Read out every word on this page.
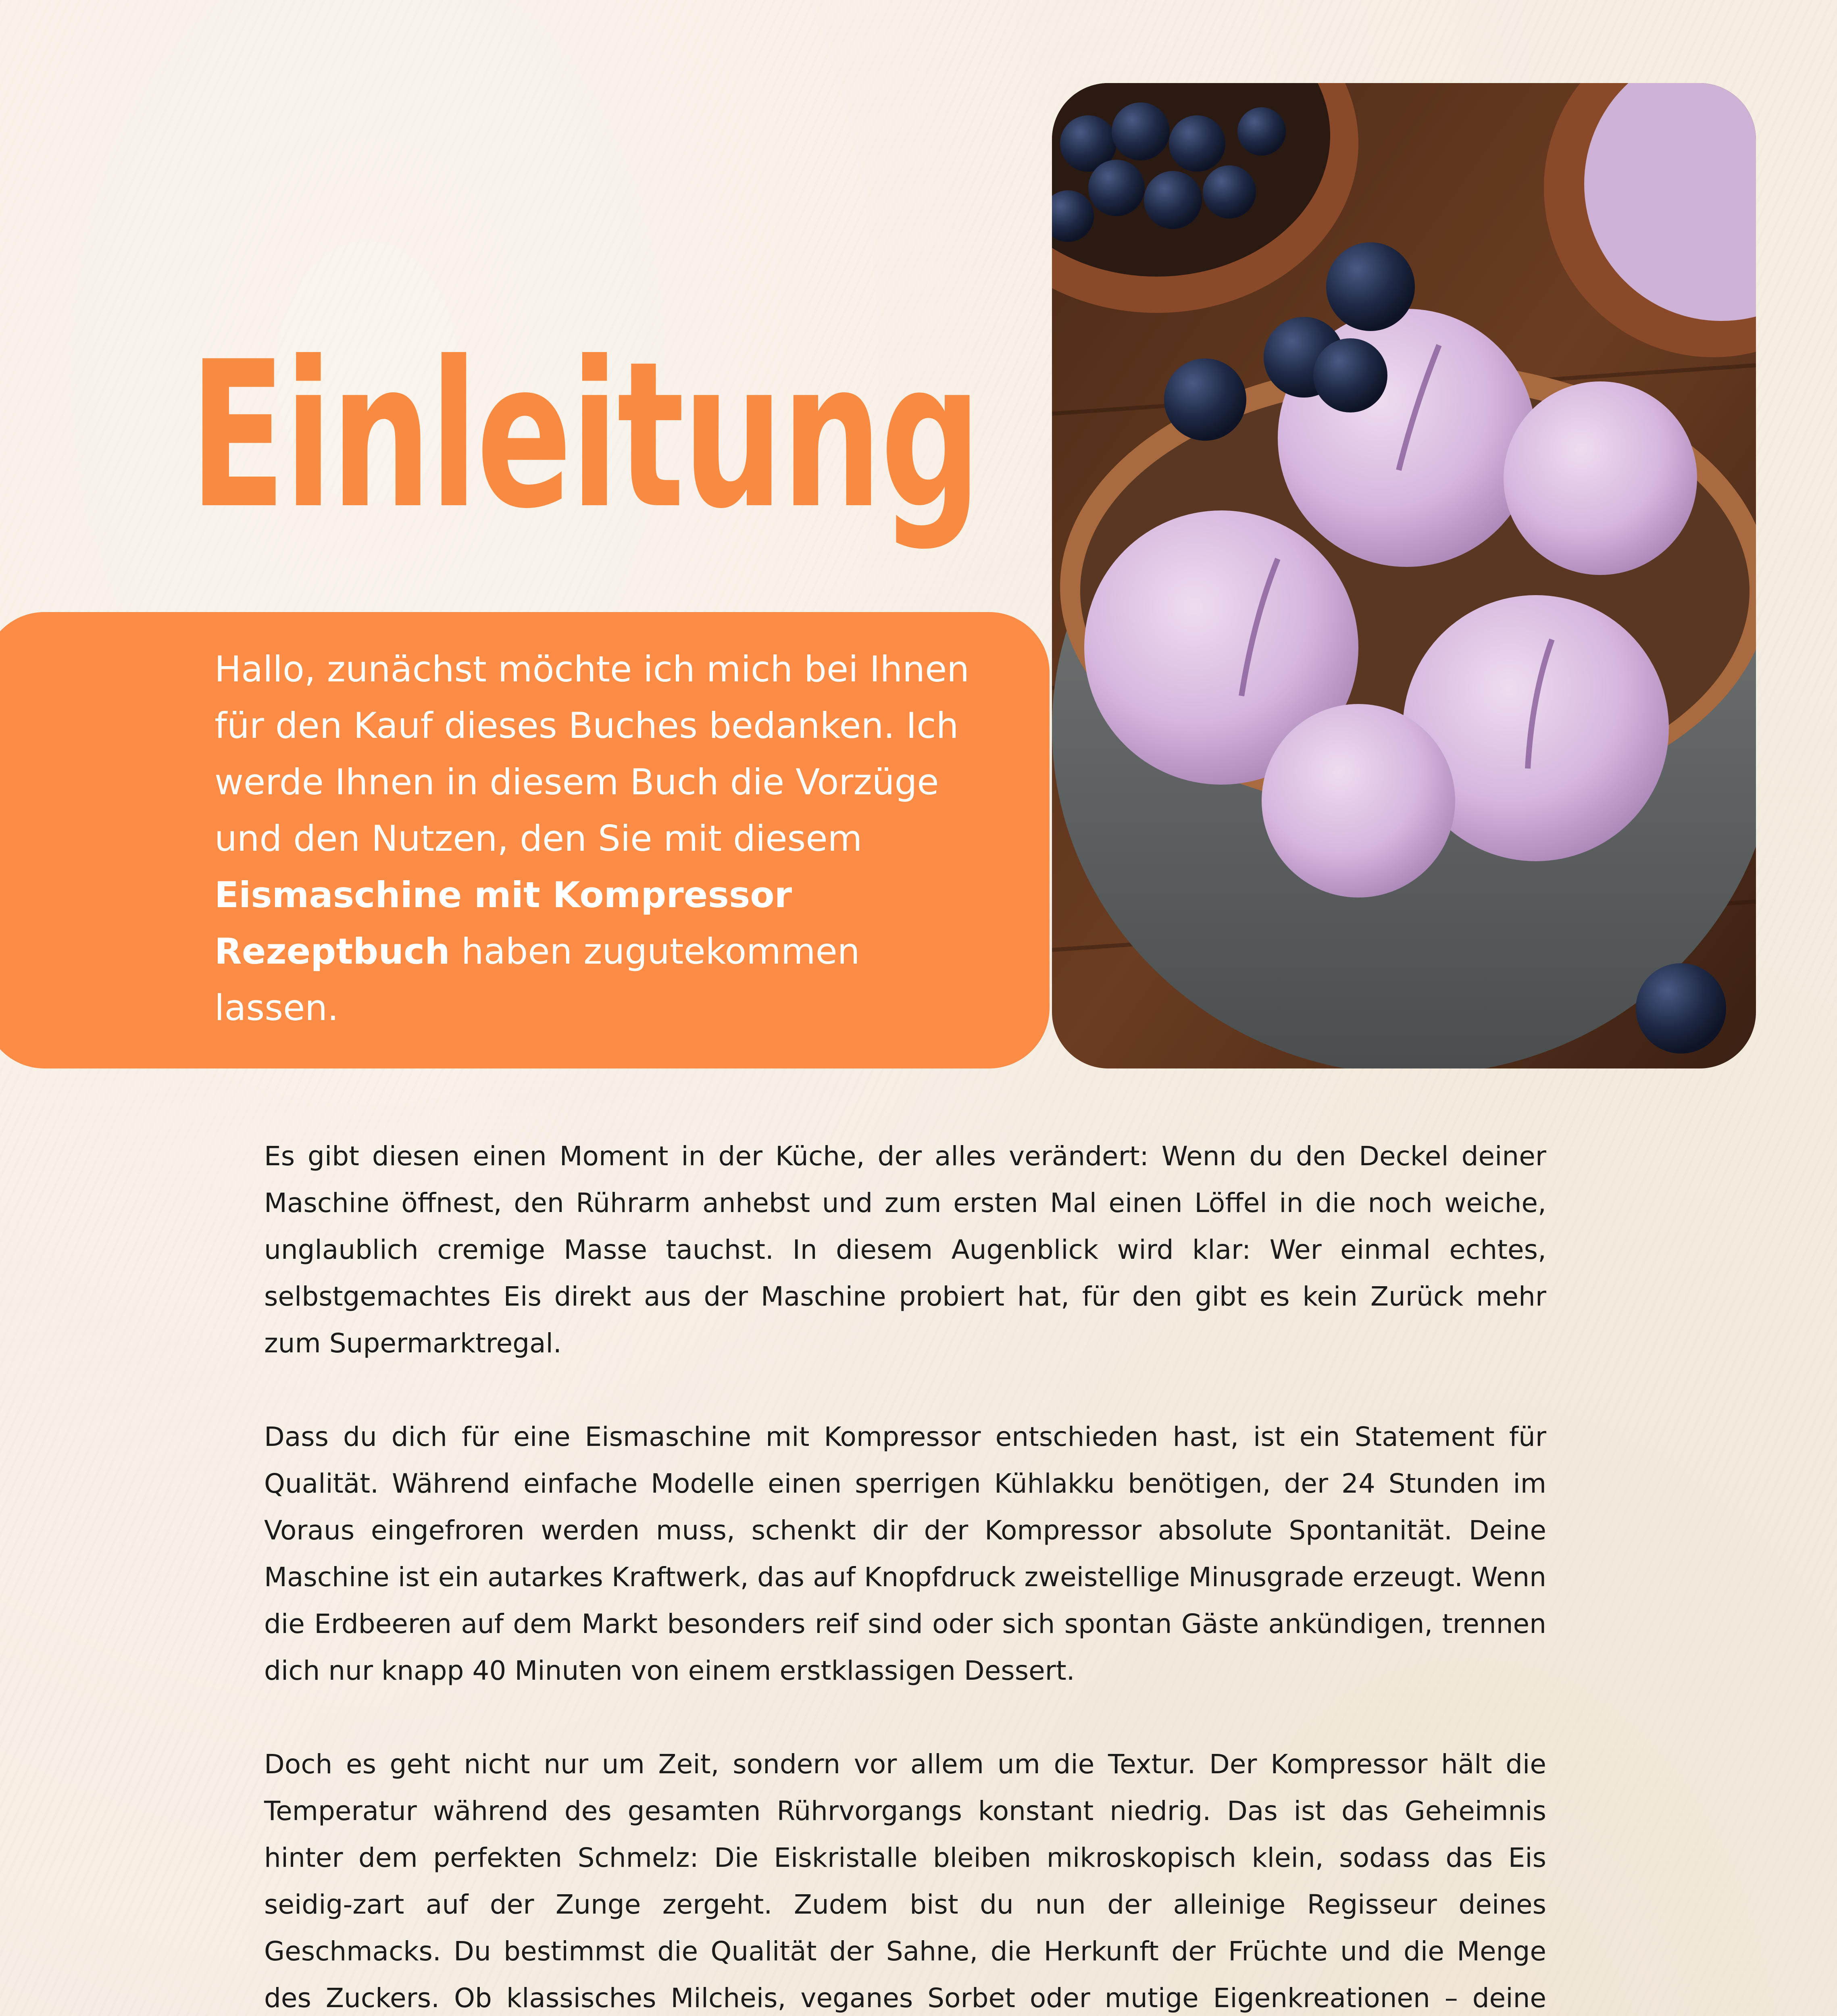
Einleitung

Hallo, zunächst möchte ich mich bei Ihnen für den Kauf dieses Buches bedanken. Ich werde Ihnen in diesem Buch die Vorzüge und den Nutzen, den Sie mit diesem Eismaschine mit Kompressor Rezeptbuch haben zugutekommen lassen.

Es gibt diesen einen Moment in der Küche, der alles verändert: Wenn du den Deckel deiner Maschine öffnest, den Rührarm anhebst und zum ersten Mal einen Löffel in die noch weiche, unglaublich cremige Masse tauchst. In diesem Augenblick wird klar: Wer einmal echtes, selbstgemachtes Eis direkt aus der Maschine probiert hat, für den gibt es kein Zurück mehr zum Supermarktregal.

Dass du dich für eine Eismaschine mit Kompressor entschieden hast, ist ein Statement für Qualität. Während einfache Modelle einen sperrigen Kühlakku benötigen, der 24 Stunden im Voraus eingefroren werden muss, schenkt dir der Kompressor absolute Spontanität. Deine Maschine ist ein autarkes Kraftwerk, das auf Knopfdruck zweistellige Minusgrade erzeugt. Wenn die Erdbeeren auf dem Markt besonders reif sind oder sich spontan Gäste ankündigen, trennen dich nur knapp 40 Minuten von einem erstklassigen Dessert.

Doch es geht nicht nur um Zeit, sondern vor allem um die Textur. Der Kompressor hält die Temperatur während des gesamten Rührvorgangs konstant niedrig. Das ist das Geheimnis hinter dem perfekten Schmelz: Die Eiskristalle bleiben mikroskopisch klein, sodass das Eis seidig-zart auf der Zunge zergeht. Zudem bist du nun der alleinige Regisseur deines Geschmacks. Du bestimmst die Qualität der Sahne, die Herkunft der Früchte und die Menge des Zuckers. Ob klassisches Milcheis, veganes Sorbet oder mutige Eigenkreationen – deine
